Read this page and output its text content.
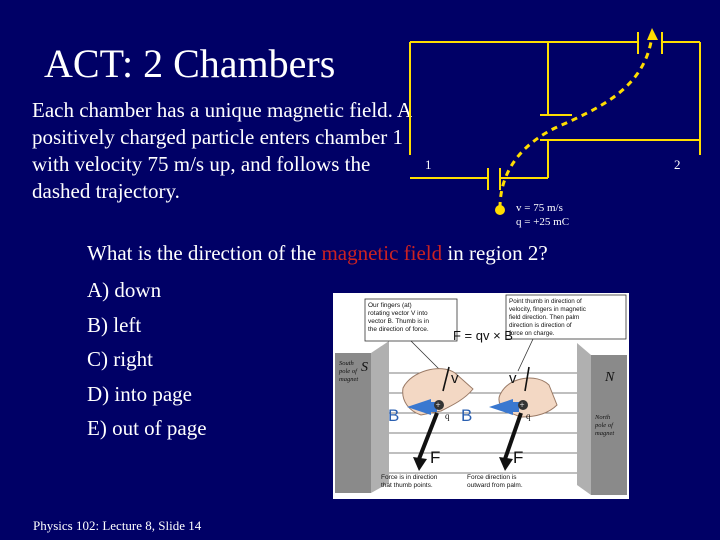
ACT: 2 Chambers
Each chamber has a unique magnetic field. A positively charged particle enters chamber 1 with velocity 75 m/s up, and follows the dashed trajectory.
1	2
v = 75 m/s
q = +25 mC
What is the direction of the magnetic field in region 2?
A) down
B) left
C) right
D) into page
E) out of page
Our fingers (at) rotating vector V into vector B. Thumb is in the direction of force.
Point thumb in direction of velocity, fingers in magnetic field direction. Then palm direction is direction of force on charge.
F = qv × B
S
South pole of magnet	N
North pole of magnet
v	v
B	B
+	+
q	q
F	F
Force is in direction that thumb points.
Force direction is outward from palm.
Physics 102: Lecture 8, Slide 14
